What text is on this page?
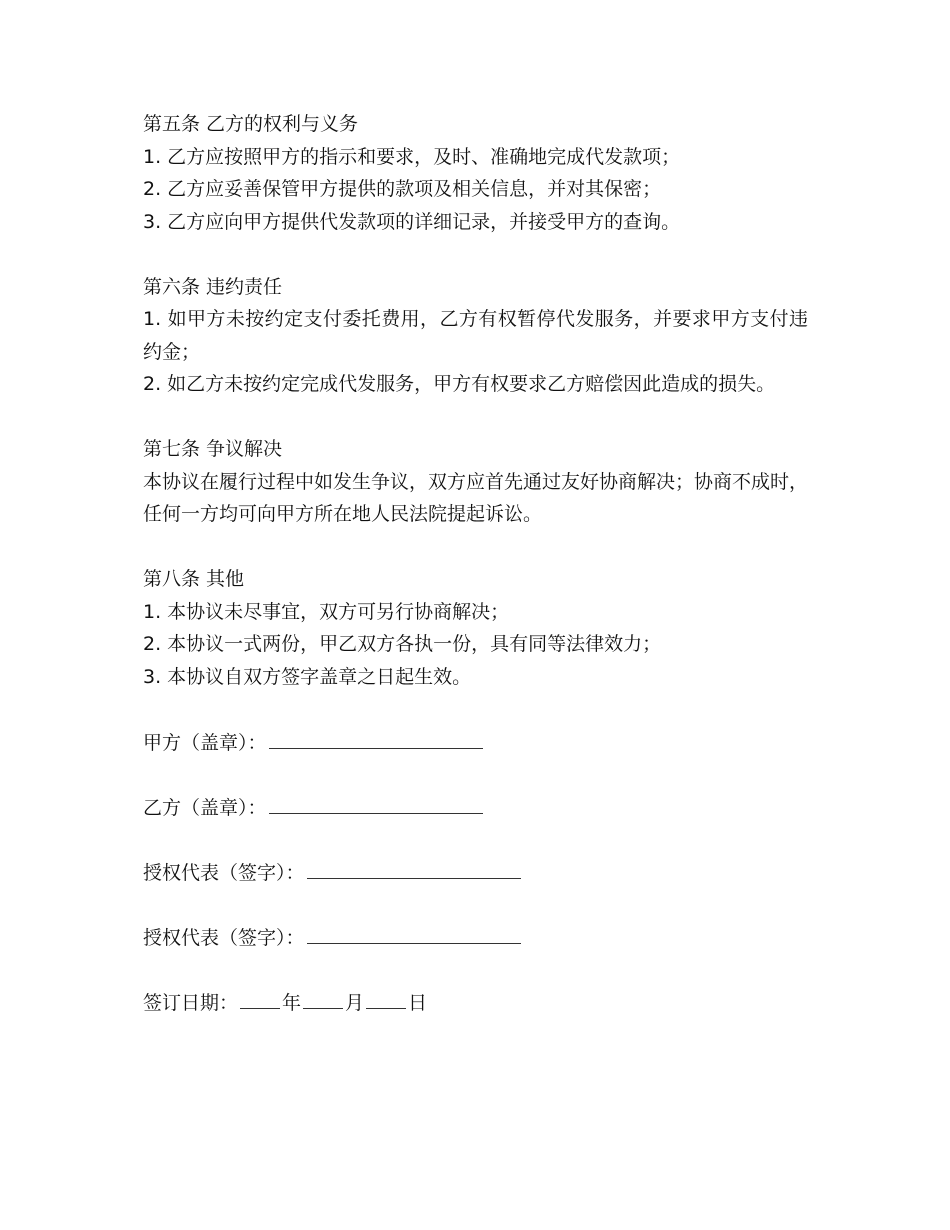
第五条 乙方的权利与义务

1. 乙方应按照甲方的指示和要求，及时、准确地完成代发款项；

2. 乙方应妥善保管甲方提供的款项及相关信息，并对其保密；

3. 乙方应向甲方提供代发款项的详细记录，并接受甲方的查询。

第六条 违约责任

1. 如甲方未按约定支付委托费用，乙方有权暂停代发服务，并要求甲方支付违约金；

2. 如乙方未按约定完成代发服务，甲方有权要求乙方赔偿因此造成的损失。

第七条 争议解决

本协议在履行过程中如发生争议，双方应首先通过友好协商解决；协商不成时，任何一方均可向甲方所在地人民法院提起诉讼。

第八条 其他

1. 本协议未尽事宜，双方可另行协商解决；

2. 本协议一式两份，甲乙双方各执一份，具有同等法律效力；

3. 本协议自双方签字盖章之日起生效。

甲方（盖章）：

乙方（盖章）：

授权代表（签字）：

授权代表（签字）：

签订日期： 年 月 日
